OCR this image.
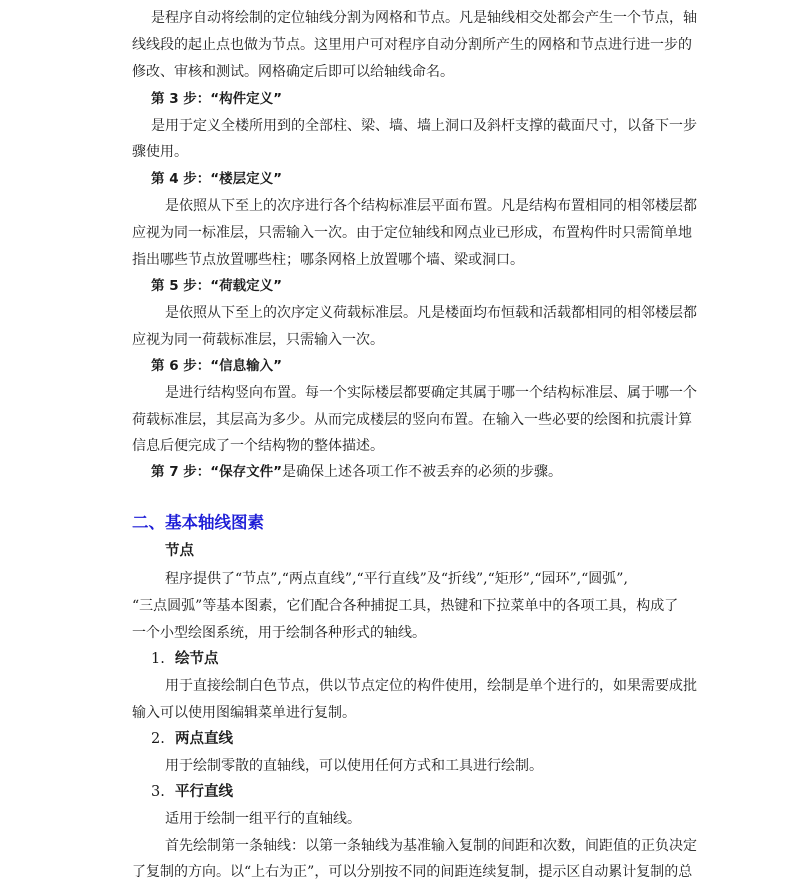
是程序自动将绘制的定位轴线分割为网格和节点。凡是轴线相交处都会产生一个节点，轴
线线段的起止点也做为节点。这里用户可对程序自动分割所产生的网格和节点进行进一步的
修改、审核和测试。网格确定后即可以给轴线命名。
第 3 步：“构件定义”
是用于定义全楼所用到的全部柱、梁、墙、墙上洞口及斜杆支撑的截面尺寸，以备下一步
骤使用。
第 4 步：“楼层定义”
是依照从下至上的次序进行各个结构标准层平面布置。凡是结构布置相同的相邻楼层都
应视为同一标准层，只需输入一次。由于定位轴线和网点业已形成，布置构件时只需简单地
指出哪些节点放置哪些柱；哪条网格上放置哪个墙、梁或洞口。
第 5 步：“荷载定义”
是依照从下至上的次序定义荷载标准层。凡是楼面均布恒载和活载都相同的相邻楼层都
应视为同一荷载标准层，只需输入一次。
第 6 步：“信息输入”
是进行结构竖向布置。每一个实际楼层都要确定其属于哪一个结构标准层、属于哪一个
荷载标准层，其层高为多少。从而完成楼层的竖向布置。在输入一些必要的绘图和抗震计算
信息后便完成了一个结构物的整体描述。
第 7 步：“保存文件”是确保上述各项工作不被丢弃的必须的步骤。
二、基本轴线图素
节点
程序提供了“节点”,“两点直线”,“平行直线”及“折线”,“矩形”,“园环”,“圆弧”,
“三点圆弧”等基本图素，它们配合各种捕捉工具，热键和下拉菜单中的各项工具，构成了
一个小型绘图系统，用于绘制各种形式的轴线。
1. 绘节点
用于直接绘制白色节点，供以节点定位的构件使用，绘制是单个进行的，如果需要成批
输入可以使用图编辑菜单进行复制。
2. 两点直线
用于绘制零散的直轴线，可以使用任何方式和工具进行绘制。
3. 平行直线
适用于绘制一组平行的直轴线。
首先绘制第一条轴线：以第一条轴线为基准输入复制的间距和次数，间距值的正负决定
了复制的方向。以“上右为正”，可以分别按不同的间距连续复制，提示区自动累计复制的总
